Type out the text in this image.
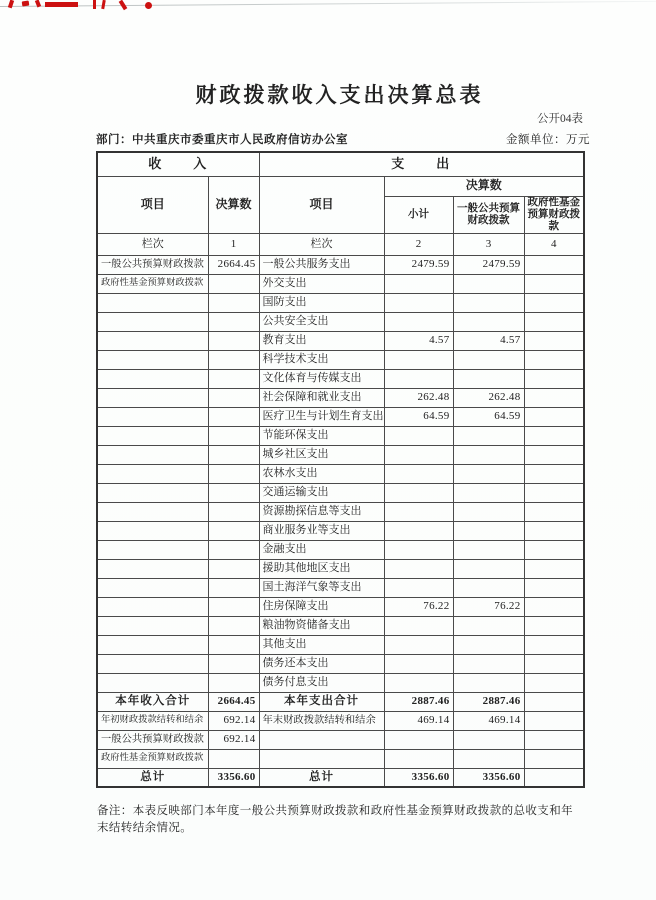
财政拨款收入支出决算总表
公开04表
部门：中共重庆市委重庆市人民政府信访办公室	金额单位：万元
收　　入		支　　出			
项目	决算数	项目	决算数		
			小计	一般公共预算财政拨款	政府性基金预算财政拨款
栏次	1	栏次	2	3	4
一般公共预算财政拨款	2664.45	一般公共服务支出	2479.59	2479.59	
政府性基金预算财政拨款		外交支出			
		国防支出			
		公共安全支出			
		教育支出	4.57	4.57	
		科学技术支出			
		文化体育与传媒支出			
		社会保障和就业支出	262.48	262.48	
		医疗卫生与计划生育支出	64.59	64.59	
		节能环保支出			
		城乡社区支出			
		农林水支出			
		交通运输支出			
		资源勘探信息等支出			
		商业服务业等支出			
		金融支出			
		援助其他地区支出			
		国土海洋气象等支出			
		住房保障支出	76.22	76.22	
		粮油物资储备支出			
		其他支出			
		债务还本支出			
		债务付息支出			
本年收入合计	2664.45	本年支出合计	2887.46	2887.46	
年初财政拨款结转和结余	692.14	年末财政拨款结转和结余	469.14	469.14	
一般公共预算财政拨款	692.14				
政府性基金预算财政拨款					
总计	3356.60	总计	3356.60	3356.60	
备注：本表反映部门本年度一般公共预算财政拨款和政府性基金预算财政拨款的总收支和年末结转结余情况。
